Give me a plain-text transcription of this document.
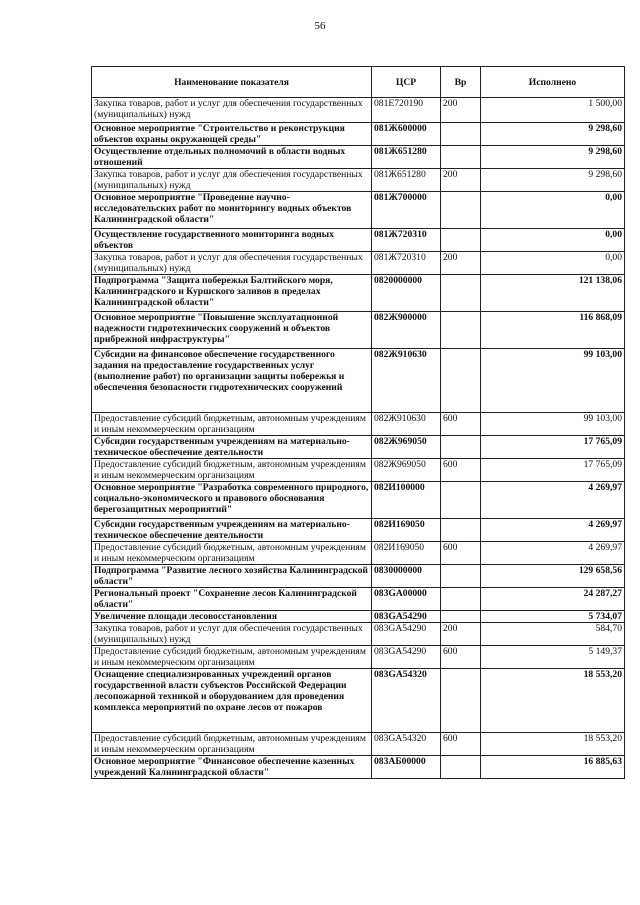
56
Наименование показателя	ЦСР	Вр	Исполнено
Закупка товаров, работ и услуг для обеспечения государственных (муниципальных) нужд	081E720190	200	1 500,00
Основное мероприятие "Строительство и реконструкция объектов охраны окружающей среды"	081Ж600000		9 298,60
Осуществление отдельных полномочий в области водных отношений	081Ж651280		9 298,60
Закупка товаров, работ и услуг для обеспечения государственных (муниципальных) нужд	081Ж651280	200	9 298,60
Основное мероприятие "Проведение научно-исследовательских работ по мониторингу водных объектов Калининградской области"	081Ж700000		0,00
Осуществление государственного мониторинга водных объектов	081Ж720310		0,00
Закупка товаров, работ и услуг для обеспечения государственных (муниципальных) нужд	081Ж720310	200	0,00
Подпрограмма "Защита побережья Балтийского моря, Калининградского и Куршского заливов в пределах Калининградской области"	0820000000		121 138,06
Основное мероприятие "Повышение эксплуатационной надежности гидротехнических сооружений и объектов прибрежной инфраструктуры"	082Ж900000		116 868,09
Субсидии на финансовое обеспечение государственного задания на предоставление государственных услуг (выполнение работ) по организации защиты побережья и обеспечения безопасности гидротехнических сооружений	082Ж910630		99 103,00
Предоставление субсидий бюджетным, автономным учреждениям и иным некоммерческим организациям	082Ж910630	600	99 103,00
Субсидии государственным учреждениям на материально-техническое обеспечение деятельности	082Ж969050		17 765,09
Предоставление субсидий бюджетным, автономным учреждениям и иным некоммерческим организациям	082Ж969050	600	17 765,09
Основное мероприятие "Разработка современного природного, социально-экономического и правового обоснования берегозащитных мероприятий"	082И100000		4 269,97
Субсидии государственным учреждениям на материально-техническое обеспечение деятельности	082И169050		4 269,97
Предоставление субсидий бюджетным, автономным учреждениям и иным некоммерческим организациям	082И169050	600	4 269,97
Подпрограмма "Развитие лесного хозяйства Калининградской области"	0830000000		129 658,56
Региональный проект "Сохранение лесов Калининградской области"	083GA00000		24 287,27
Увеличение площади лесовосстановления	083GA54290		5 734,07
Закупка товаров, работ и услуг для обеспечения государственных (муниципальных) нужд	083GA54290	200	584,70
Предоставление субсидий бюджетным, автономным учреждениям и иным некоммерческим организациям	083GA54290	600	5 149,37
Оснащение специализированных учреждений органов государственной власти субъектов Российской Федерации лесопожарной техникой и оборудованием для проведения комплекса мероприятий по охране лесов от пожаров	083GA54320		18 553,20
Предоставление субсидий бюджетным, автономным учреждениям и иным некоммерческим организациям	083GA54320	600	18 553,20
Основное мероприятие "Финансовое обеспечение казенных учреждений Калининградской области"	083АБ00000		16 885,63
